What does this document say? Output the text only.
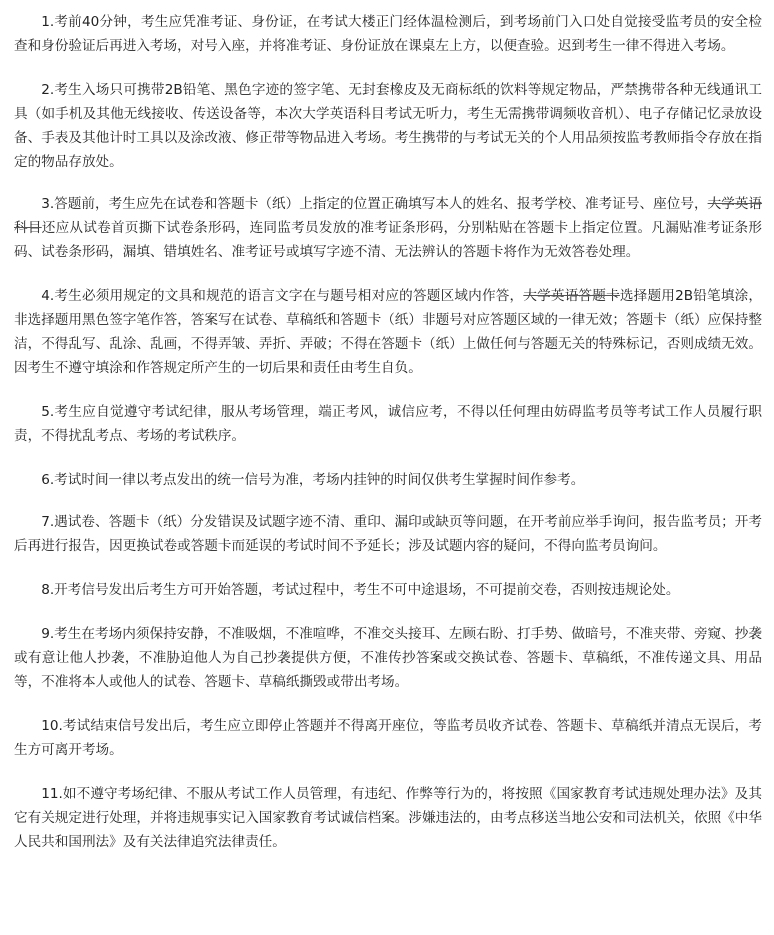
1.考前40分钟，考生应凭准考证、身份证，在考试大楼正门经体温检测后，到考场前门入口处自觉接受监考员的安全检查和身份验证后再进入考场，对号入座，并将准考证、身份证放在课桌左上方，以便查验。迟到考生一律不得进入考场。

2.考生入场只可携带2B铅笔、黑色字迹的签字笔、无封套橡皮及无商标纸的饮料等规定物品，严禁携带各种无线通讯工具（如手机及其他无线接收、传送设备等，本次大学英语科目考试无听力，考生无需携带调频收音机）、电子存储记忆录放设备、手表及其他计时工具以及涂改液、修正带等物品进入考场。考生携带的与考试无关的个人用品须按监考教师指令存放在指定的物品存放处。

3.答题前，考生应先在试卷和答题卡（纸）上指定的位置正确填写本人的姓名、报考学校、准考证号、座位号，大学英语科目还应从试卷首页撕下试卷条形码，连同监考员发放的准考证条形码，分别粘贴在答题卡上指定位置。凡漏贴准考证条形码、试卷条形码，漏填、错填姓名、准考证号或填写字迹不清、无法辨认的答题卡将作为无效答卷处理。

4.考生必须用规定的文具和规范的语言文字在与题号相对应的答题区域内作答，大学英语答题卡选择题用2B铅笔填涂，非选择题用黑色签字笔作答，答案写在试卷、草稿纸和答题卡（纸）非题号对应答题区域的一律无效；答题卡（纸）应保持整洁，不得乱写、乱涂、乱画，不得弄皱、弄折、弄破；不得在答题卡（纸）上做任何与答题无关的特殊标记，否则成绩无效。因考生不遵守填涂和作答规定所产生的一切后果和责任由考生自负。

5.考生应自觉遵守考试纪律，服从考场管理，端正考风，诚信应考，不得以任何理由妨碍监考员等考试工作人员履行职责，不得扰乱考点、考场的考试秩序。

6.考试时间一律以考点发出的统一信号为准，考场内挂钟的时间仅供考生掌握时间作参考。

7.遇试卷、答题卡（纸）分发错误及试题字迹不清、重印、漏印或缺页等问题，在开考前应举手询问，报告监考员；开考后再进行报告，因更换试卷或答题卡而延误的考试时间不予延长；涉及试题内容的疑问，不得向监考员询问。

8.开考信号发出后考生方可开始答题，考试过程中，考生不可中途退场，不可提前交卷，否则按违规论处。

9.考生在考场内须保持安静，不准吸烟，不准喧哗，不准交头接耳、左顾右盼、打手势、做暗号，不准夹带、旁窥、抄袭或有意让他人抄袭，不准胁迫他人为自己抄袭提供方便，不准传抄答案或交换试卷、答题卡、草稿纸，不准传递文具、用品等，不准将本人或他人的试卷、答题卡、草稿纸撕毁或带出考场。

10.考试结束信号发出后，考生应立即停止答题并不得离开座位，等监考员收齐试卷、答题卡、草稿纸并清点无误后，考生方可离开考场。

11.如不遵守考场纪律、不服从考试工作人员管理，有违纪、作弊等行为的，将按照《国家教育考试违规处理办法》及其它有关规定进行处理，并将违规事实记入国家教育考试诚信档案。涉嫌违法的，由考点移送当地公安和司法机关，依照《中华人民共和国刑法》及有关法律追究法律责任。
